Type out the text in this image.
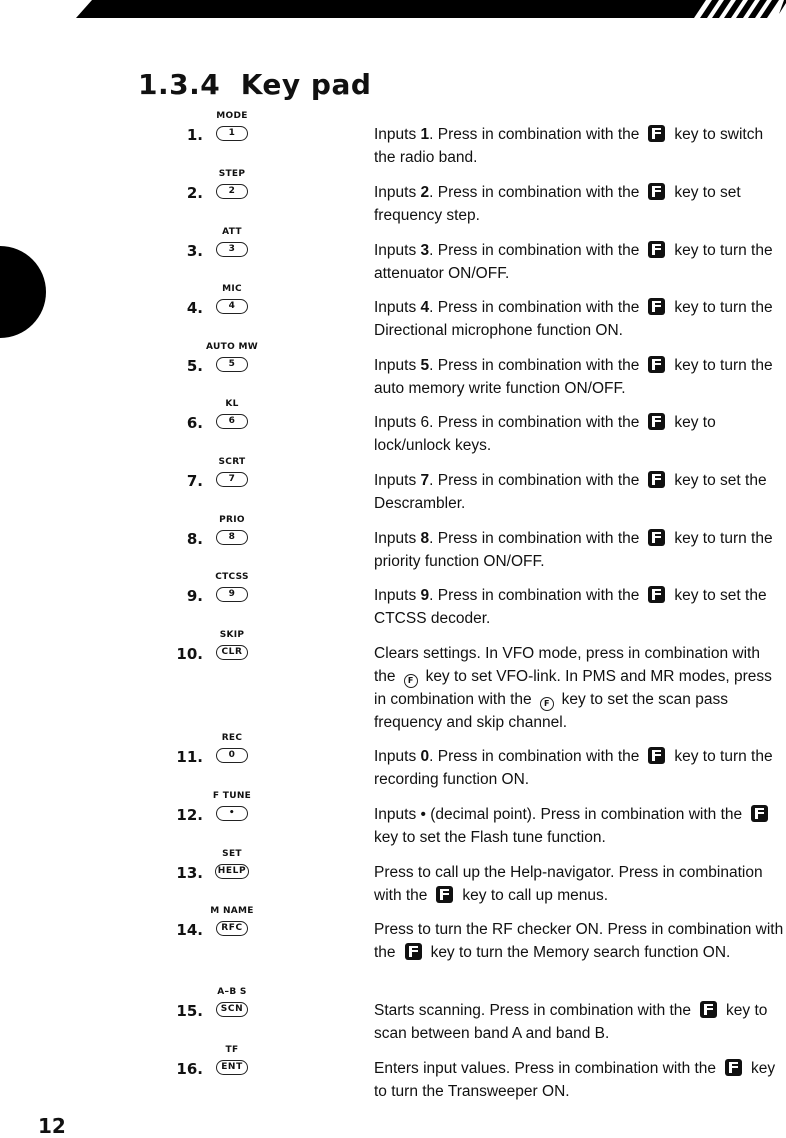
1.3.4  Key pad
1.
MODE
1	Inputs 1. Press in combination with the key to switch the radio band.

2.
STEP
2	Inputs 2. Press in combination with the key to set frequency step.

3.
ATT
3	Inputs 3. Press in combination with the key to turn the attenuator ON/OFF.

4.
MIC
4	Inputs 4. Press in combination with the key to turn the Directional microphone function ON.

5.
AUTO MW
5	Inputs 5. Press in combination with the key to turn the auto memory write function ON/OFF.

6.
KL
6	Inputs 6. Press in combination with the key to lock/unlock keys.

7.
SCRT
7	Inputs 7. Press in combination with the key to set the Descrambler.

8.
PRIO
8	Inputs 8. Press in combination with the key to turn the priority function ON/OFF.

9.
CTCSS
9	Inputs 9. Press in combination with the key to set the CTCSS decoder.

10.
SKIP
CLR	Clears settings. In VFO mode, press in combination with the F key to set VFO-link. In PMS and MR modes, press in combination with the F key to set the scan pass frequency and skip channel.

11.
REC
0	Inputs 0. Press in combination with the key to turn the recording function ON.

12.
F TUNE
•	Inputs • (decimal point). Press in combination with thekey to set the Flash tune function.

13.
SET
HELP	Press to call up the Help-navigator. Press in combination with the key to call up menus.

14.
M NAME
RFC	Press to turn the RF checker ON. Press in combination with the key to turn the Memory search function ON.

15.
A–B S
SCN	Starts scanning. Press in combination with the key to scan between band A and band B.

16.
TF
ENT	Enters input values. Press in combination with the key to turn the Transweeper ON.

12
